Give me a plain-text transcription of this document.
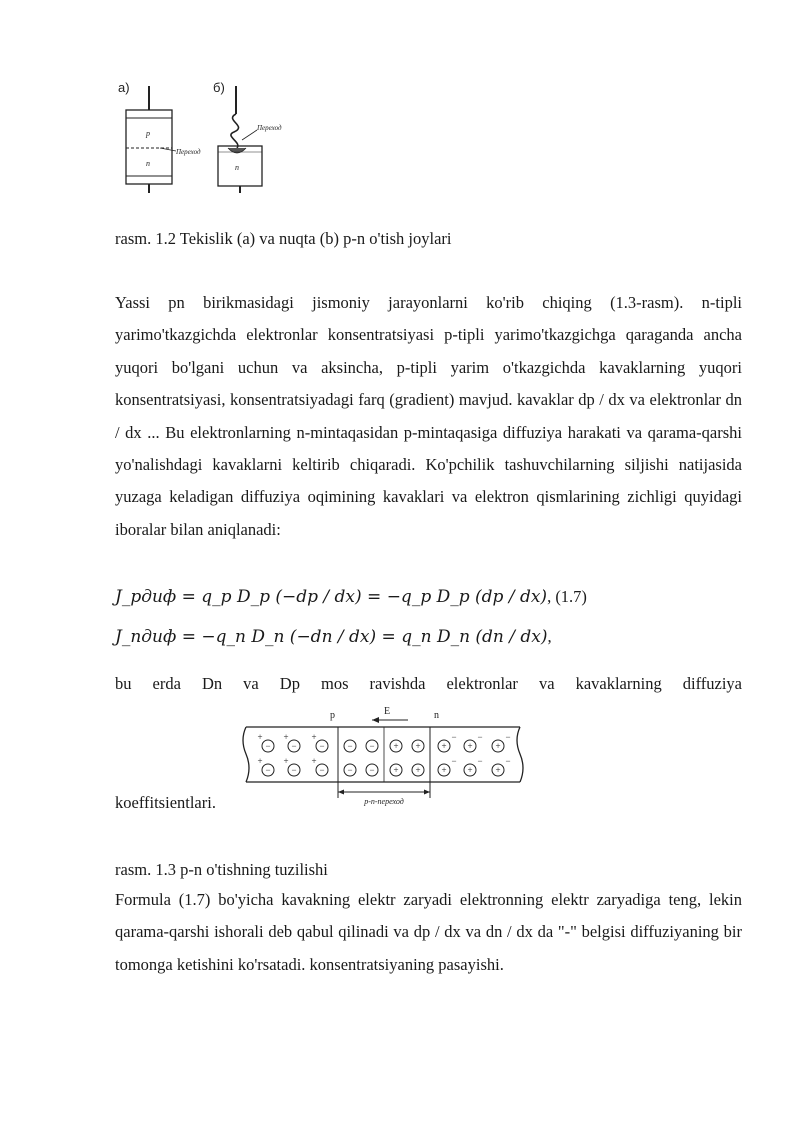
a)	б)
p
n
Переход
n
Переход
rasm. 1.2 Tekislik (a) va nuqta (b) p-n o'tish joylari

Yassi pn birikmasidagi jismoniy jarayonlarni ko'rib chiqing (1.3-rasm). n-tipli yarimo'tkazgichda elektronlar konsentratsiyasi p-tipli yarimo'tkazgichga qaraganda ancha yuqori bo'lgani uchun va aksincha, p-tipli yarim o'tkazgichda kavaklarning yuqori konsentratsiyasi, konsentratsiyadagi farq (gradient) mavjud. kavaklar dp / dx va elektronlar dn / dx ... Bu elektronlarning n-mintaqasidan p-mintaqasiga diffuziya harakati va qarama-qarshi yo'nalishdagi kavaklarni keltirib chiqaradi. Ko'pchilik tashuvchilarning siljishi natijasida yuzaga keladigan diffuziya oqimining kavaklari va elektron qismlarining zichligi quyidagi iboralar bilan aniqlanadi:

J_pдиф = q_p D_p (−dp / dx) = −q_p D_p (dp / dx), (1.7)
J_nдиф = −q_n D_n (−dn / dx) = q_n D_n (dn / dx),

bu erda Dn va Dp mos ravishda elektronlar va kavaklarning diffuziya

p	E	n
− −	−	− − + + + +	+
+ +	+	− −	−
− −	−	− − + + + +	+
+ +	+	− −	−
p-n-переход
koeffitsientlari.
rasm. 1.3 p-n o'tishning tuzilishi

Formula (1.7) bo'yicha kavakning elektr zaryadi elektronning elektr zaryadiga teng, lekin qarama-qarshi ishorali deb qabul qilinadi va dp / dx va dn / dx da "-" belgisi diffuziyaning bir tomonga ketishini ko'rsatadi. konsentratsiyaning pasayishi.
